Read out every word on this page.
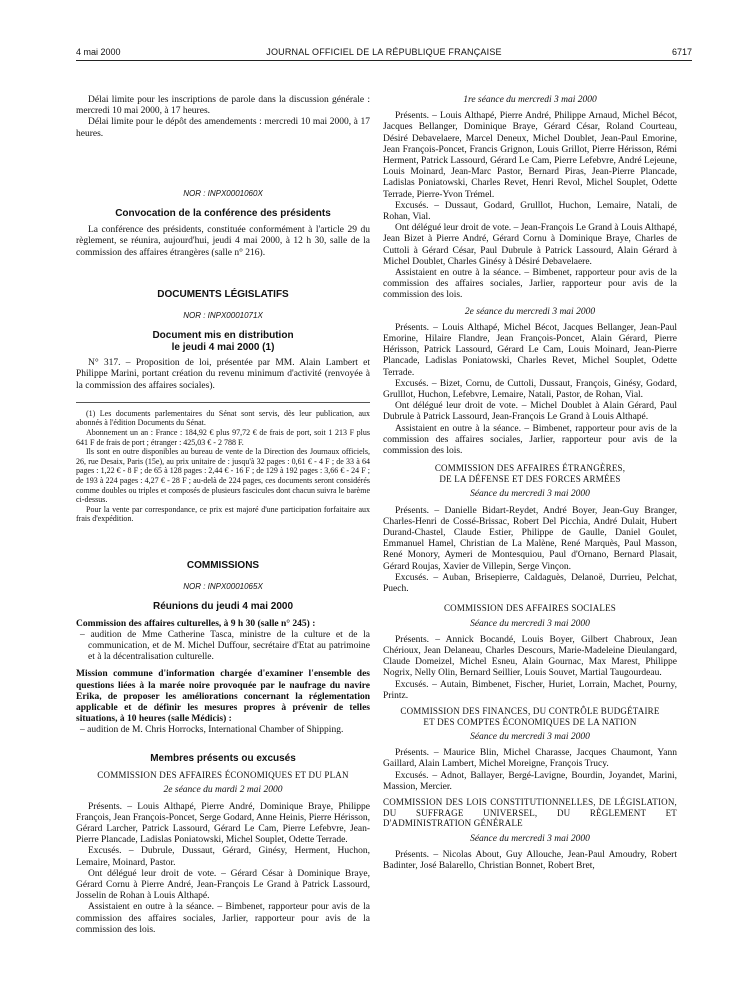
4 mai 2000	JOURNAL OFFICIEL DE LA RÉPUBLIQUE FRANÇAISE	6717

Délai limite pour les inscriptions de parole dans la discussion générale : mercredi 10 mai 2000, à 17 heures.

Délai limite pour le dépôt des amendements : mercredi 10 mai 2000, à 17 heures.

NOR : INPX0001060X
Convocation de la conférence des présidents

La conférence des présidents, constituée conformément à l'article 29 du règlement, se réunira, aujourd'hui, jeudi 4 mai 2000, à 12 h 30, salle de la commission des affaires étrangères (salle n° 216).

DOCUMENTS LÉGISLATIFS
NOR : INPX0001071X
Document mis en distribution
le jeudi 4 mai 2000 (1)

N° 317. – Proposition de loi, présentée par MM. Alain Lambert et Philippe Marini, portant création du revenu minimum d'activité (renvoyée à la commission des affaires sociales).

(1) Les documents parlementaires du Sénat sont servis, dès leur publication, aux abonnés à l'édition Documents du Sénat.

Abonnement un an : France : 184,92 € plus 97,72 € de frais de port, soit 1 213 F plus 641 F de frais de port ; étranger : 425,03 € - 2 788 F.

Ils sont en outre disponibles au bureau de vente de la Direction des Journaux officiels, 26, rue Desaix, Paris (15e), au prix unitaire de : jusqu'à 32 pages : 0,61 € - 4 F ; de 33 à 64 pages : 1,22 € - 8 F ; de 65 à 128 pages : 2,44 € - 16 F ; de 129 à 192 pages : 3,66 € - 24 F ; de 193 à 224 pages : 4,27 € - 28 F ; au-delà de 224 pages, ces documents seront considérés comme doubles ou triples et composés de plusieurs fascicules dont chacun suivra le barème ci-dessus.

Pour la vente par correspondance, ce prix est majoré d'une participation forfaitaire aux frais d'expédition.

COMMISSIONS
NOR : INPX0001065X
Réunions du jeudi 4 mai 2000

Commission des affaires culturelles, à 9 h 30 (salle n° 245) :

– audition de Mme Catherine Tasca, ministre de la culture et de la communication, et de M. Michel Duffour, secrétaire d'Etat au patrimoine et à la décentralisation culturelle.

Mission commune d'information chargée d'examiner l'ensemble des questions liées à la marée noire provoquée par le naufrage du navire Erika, de proposer les améliorations concernant la réglementation applicable et de définir les mesures propres à prévenir de telles situations, à 10 heures (salle Médicis) :

– audition de M. Chris Horrocks, International Chamber of Shipping.

Membres présents ou excusés
COMMISSION DES AFFAIRES ÉCONOMIQUES ET DU PLAN
2e séance du mardi 2 mai 2000

Présents. – Louis Althapé, Pierre André, Dominique Braye, Philippe François, Jean François-Poncet, Serge Godard, Anne Heinis, Pierre Hérisson, Gérard Larcher, Patrick Lassourd, Gérard Le Cam, Pierre Lefebvre, Jean-Pierre Plancade, Ladislas Poniatowski, Michel Souplet, Odette Terrade.

Excusés. – Dubrule, Dussaut, Gérard, Ginésy, Herment, Huchon, Lemaire, Moinard, Pastor.

Ont délégué leur droit de vote. – Gérard César à Dominique Braye, Gérard Cornu à Pierre André, Jean-François Le Grand à Patrick Lassourd, Josselin de Rohan à Louis Althapé.

Assistaient en outre à la séance. – Bimbenet, rapporteur pour avis de la commission des affaires sociales, Jarlier, rapporteur pour avis de la commission des lois.

1re séance du mercredi 3 mai 2000

Présents. – Louis Althapé, Pierre André, Philippe Arnaud, Michel Bécot, Jacques Bellanger, Dominique Braye, Gérard César, Roland Courteau, Désiré Debavelaere, Marcel Deneux, Michel Doublet, Jean-Paul Emorine, Jean François-Poncet, Francis Grignon, Louis Grillot, Pierre Hérisson, Rémi Herment, Patrick Lassourd, Gérard Le Cam, Pierre Lefebvre, André Lejeune, Louis Moinard, Jean-Marc Pastor, Bernard Piras, Jean-Pierre Plancade, Ladislas Poniatowski, Charles Revet, Henri Revol, Michel Souplet, Odette Terrade, Pierre-Yvon Trémel.

Excusés. – Dussaut, Godard, Grulllot, Huchon, Lemaire, Natali, de Rohan, Vial.

Ont délégué leur droit de vote. – Jean-François Le Grand à Louis Althapé, Jean Bizet à Pierre André, Gérard Cornu à Dominique Braye, Charles de Cuttoli à Gérard César, Paul Dubrule à Patrick Lassourd, Alain Gérard à Michel Doublet, Charles Ginésy à Désiré Debavelaere.

Assistaient en outre à la séance. – Bimbenet, rapporteur pour avis de la commission des affaires sociales, Jarlier, rapporteur pour avis de la commission des lois.

2e séance du mercredi 3 mai 2000

Présents. – Louis Althapé, Michel Bécot, Jacques Bellanger, Jean-Paul Emorine, Hilaire Flandre, Jean François-Poncet, Alain Gérard, Pierre Hérisson, Patrick Lassourd, Gérard Le Cam, Louis Moinard, Jean-Pierre Plancade, Ladislas Poniatowski, Charles Revet, Michel Souplet, Odette Terrade.

Excusés. – Bizet, Cornu, de Cuttoli, Dussaut, François, Ginésy, Godard, Grulllot, Huchon, Lefebvre, Lemaire, Natali, Pastor, de Rohan, Vial.

Ont délégué leur droit de vote. – Michel Doublet à Alain Gérard, Paul Dubrule à Patrick Lassourd, Jean-François Le Grand à Louis Althapé.

Assistaient en outre à la séance. – Bimbenet, rapporteur pour avis de la commission des affaires sociales, Jarlier, rapporteur pour avis de la commission des lois.

COMMISSION DES AFFAIRES ÉTRANGÈRES,
DE LA DÉFENSE ET DES FORCES ARMÉES
Séance du mercredi 3 mai 2000

Présents. – Danielle Bidart-Reydet, André Boyer, Jean-Guy Branger, Charles-Henri de Cossé-Brissac, Robert Del Picchia, André Dulait, Hubert Durand-Chastel, Claude Estier, Philippe de Gaulle, Daniel Goulet, Emmanuel Hamel, Christian de La Malène, René Marquès, Paul Masson, René Monory, Aymeri de Montesquiou, Paul d'Ornano, Bernard Plasait, Gérard Roujas, Xavier de Villepin, Serge Vinçon.

Excusés. – Auban, Brisepierre, Caldaguès, Delanoë, Durrieu, Pelchat, Puech.

COMMISSION DES AFFAIRES SOCIALES
Séance du mercredi 3 mai 2000

Présents. – Annick Bocandé, Louis Boyer, Gilbert Chabroux, Jean Chérioux, Jean Delaneau, Charles Descours, Marie-Madeleine Dieulangard, Claude Domeizel, Michel Esneu, Alain Gournac, Max Marest, Philippe Nogrix, Nelly Olin, Bernard Seillier, Louis Souvet, Martial Taugourdeau.

Excusés. – Autain, Bimbenet, Fischer, Huriet, Lorrain, Machet, Pourny, Printz.

COMMISSION DES FINANCES, DU CONTRÔLE BUDGÉTAIRE
ET DES COMPTES ÉCONOMIQUES DE LA NATION
Séance du mercredi 3 mai 2000

Présents. – Maurice Blin, Michel Charasse, Jacques Chaumont, Yann Gaillard, Alain Lambert, Michel Moreigne, François Trucy.

Excusés. – Adnot, Ballayer, Bergé-Lavigne, Bourdin, Joyandet, Marini, Massion, Mercier.

COMMISSION DES LOIS CONSTITUTIONNELLES, DE LÉGISLATION, DU SUFFRAGE UNIVERSEL, DU RÈGLEMENT ET D'ADMINISTRATION GÉNÉRALE
Séance du mercredi 3 mai 2000

Présents. – Nicolas About, Guy Allouche, Jean-Paul Amoudry, Robert Badinter, José Balarello, Christian Bonnet, Robert Bret,
